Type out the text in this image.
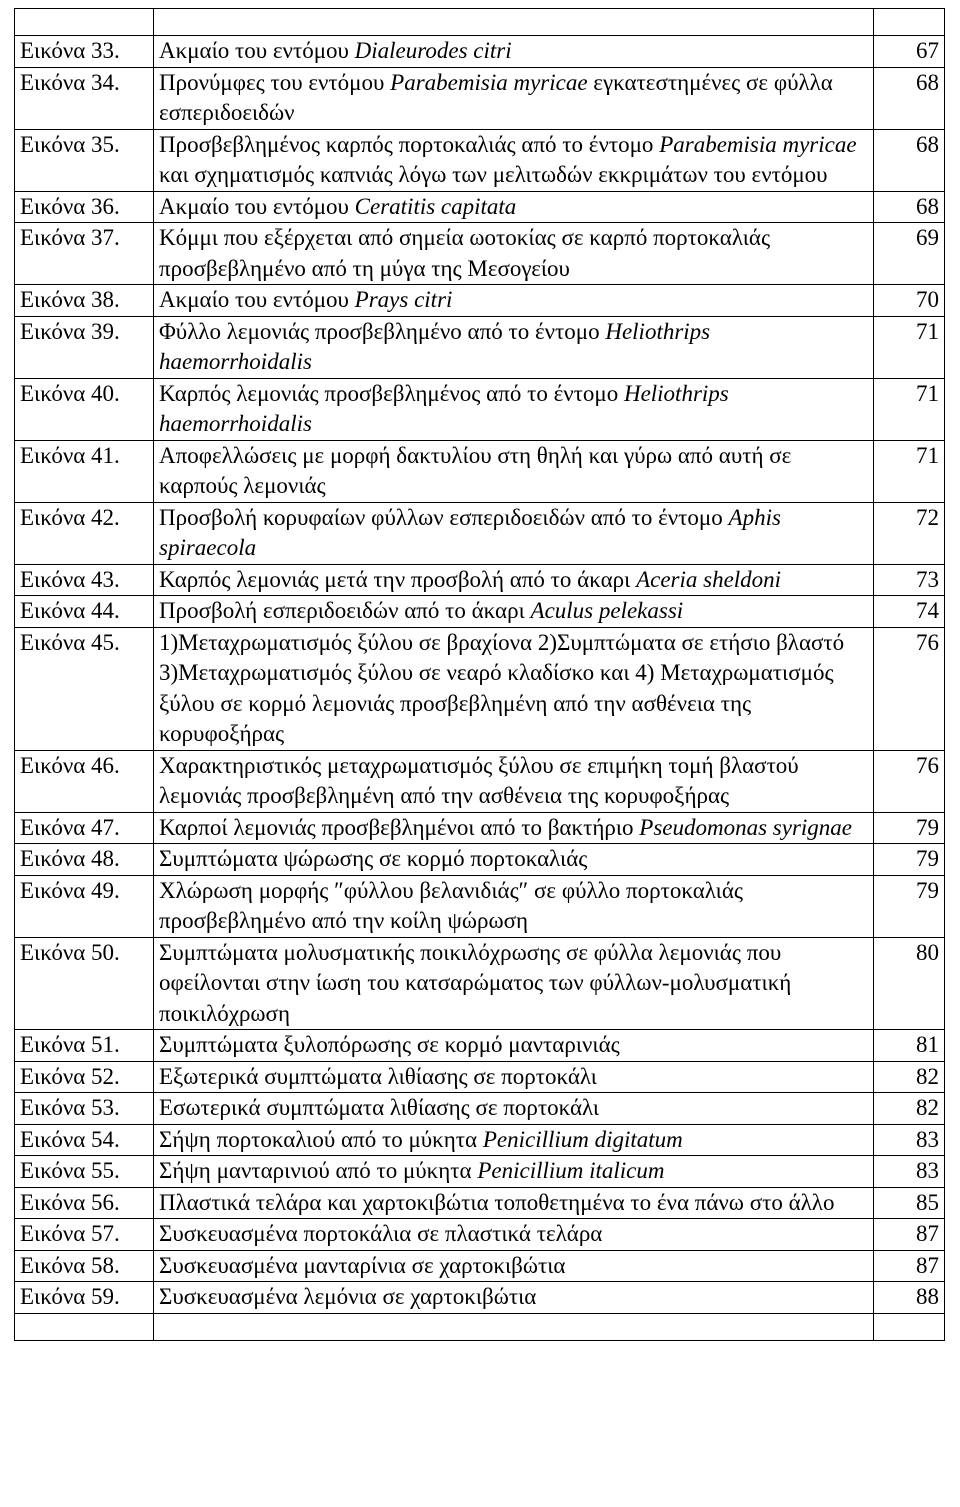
Εικόνα 33.	Ακμαίο του εντόμου Dialeurodes citri	67
Εικόνα 34.	Προνύμφες του εντόμου Parabemisia myricae εγκατεστημένες σε φύλλα εσπεριδοειδών	68
Εικόνα 35.	Προσβεβλημένος καρπός πορτοκαλιάς από το έντομο Parabemisia myricae και σχηματισμός καπνιάς λόγω των μελιτωδών εκκριμάτων του εντόμου	68
Εικόνα 36.	Ακμαίο του εντόμου Ceratitis capitata	68
Εικόνα 37.	Κόμμι που εξέρχεται από σημεία ωοτοκίας σε καρπό πορτοκαλιάς προσβεβλημένο από τη μύγα της Μεσογείου	69
Εικόνα 38.	Ακμαίο του εντόμου Prays citri	70
Εικόνα 39.	Φύλλο λεμονιάς προσβεβλημένο από το έντομο Heliothrips haemorrhoidalis	71
Εικόνα 40.	Καρπός λεμονιάς προσβεβλημένος από το έντομο Heliothrips haemorrhoidalis	71
Εικόνα 41.	Αποφελλώσεις με μορφή δακτυλίου στη θηλή και γύρω από αυτή σε καρπούς λεμονιάς	71
Εικόνα 42.	Προσβολή κορυφαίων φύλλων εσπεριδοειδών από το έντομο Aphis spiraecola	72
Εικόνα 43.	Καρπός λεμονιάς μετά την προσβολή από το άκαρι Aceria sheldoni	73
Εικόνα 44.	Προσβολή εσπεριδοειδών από το άκαρι Aculus pelekassi	74
Εικόνα 45.	1)Μεταχρωματισμός ξύλου σε βραχίονα 2)Συμπτώματα σε ετήσιο βλαστό 3)Μεταχρωματισμός ξύλου σε νεαρό κλαδίσκο και 4) Μεταχρωματισμός ξύλου σε κορμό λεμονιάς προσβεβλημένη από την ασθένεια της κορυφοξήρας	76
Εικόνα 46.	Χαρακτηριστικός μεταχρωματισμός ξύλου σε επιμήκη τομή βλαστού λεμονιάς προσβεβλημένη από την ασθένεια της κορυφοξήρας	76
Εικόνα 47.	Καρποί λεμονιάς προσβεβλημένοι από το βακτήριο Pseudomonas syrignae	79
Εικόνα 48.	Συμπτώματα ψώρωσης σε κορμό πορτοκαλιάς	79
Εικόνα 49.	Χλώρωση μορφής ″φύλλου βελανιδιάς″ σε φύλλο πορτοκαλιάς προσβεβλημένο από την κοίλη ψώρωση	79
Εικόνα 50.	Συμπτώματα μολυσματικής ποικιλόχρωσης σε φύλλα λεμονιάς που οφείλονται στην ίωση του κατσαρώματος των φύλλων-μολυσματική ποικιλόχρωση	80
Εικόνα 51.	Συμπτώματα ξυλοπόρωσης σε κορμό μανταρινιάς	81
Εικόνα 52.	Εξωτερικά συμπτώματα λιθίασης σε πορτοκάλι	82
Εικόνα 53.	Εσωτερικά συμπτώματα λιθίασης σε πορτοκάλι	82
Εικόνα 54.	Σήψη πορτοκαλιού από το μύκητα Penicillium digitatum	83
Εικόνα 55.	Σήψη μανταρινιού από το μύκητα Penicillium italicum	83
Εικόνα 56.	Πλαστικά τελάρα και χαρτοκιβώτια τοποθετημένα το ένα πάνω στο άλλο	85
Εικόνα 57.	Συσκευασμένα πορτοκάλια σε πλαστικά τελάρα	87
Εικόνα 58.	Συσκευασμένα μανταρίνια σε χαρτοκιβώτια	87
Εικόνα 59.	Συσκευασμένα λεμόνια σε χαρτοκιβώτια	88
